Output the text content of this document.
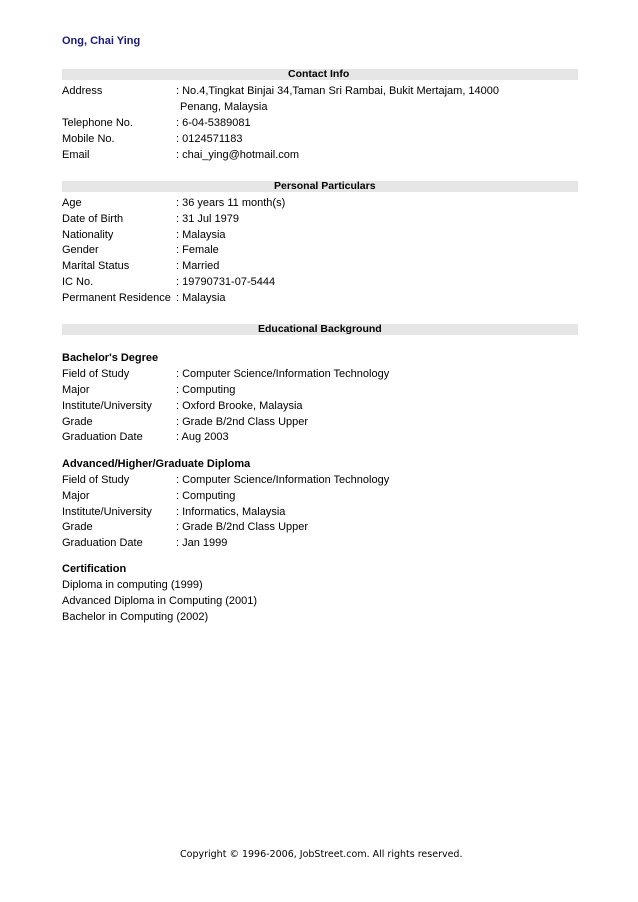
Ong, Chai Ying
Contact Info
Address	: No.4,Tingkat Binjai 34,Taman Sri Rambai, Bukit Mertajam, 14000
Penang, Malaysia
Telephone No.	: 6-04-5389081
Mobile No.	: 0124571183
Email	: chai_ying@hotmail.com
Personal Particulars
Age	: 36 years 11 month(s)
Date of Birth	: 31 Jul 1979
Nationality	: Malaysia
Gender	: Female
Marital Status	: Married
IC No.	: 19790731-07-5444
Permanent Residence : Malaysia
Educational Background
Bachelor's Degree
Field of Study	: Computer Science/Information Technology
Major	: Computing
Institute/University : Oxford Brooke, Malaysia
Grade	: Grade B/2nd Class Upper
Graduation Date	: Aug 2003
Advanced/Higher/Graduate Diploma
Field of Study	: Computer Science/Information Technology
Major	: Computing
Institute/University : Informatics, Malaysia
Grade	: Grade B/2nd Class Upper
Graduation Date	: Jan 1999
Certification
Diploma in computing (1999)
Advanced Diploma in Computing (2001)
Bachelor in Computing (2002)
Copyright © 1996-2006, JobStreet.com. All rights reserved.
